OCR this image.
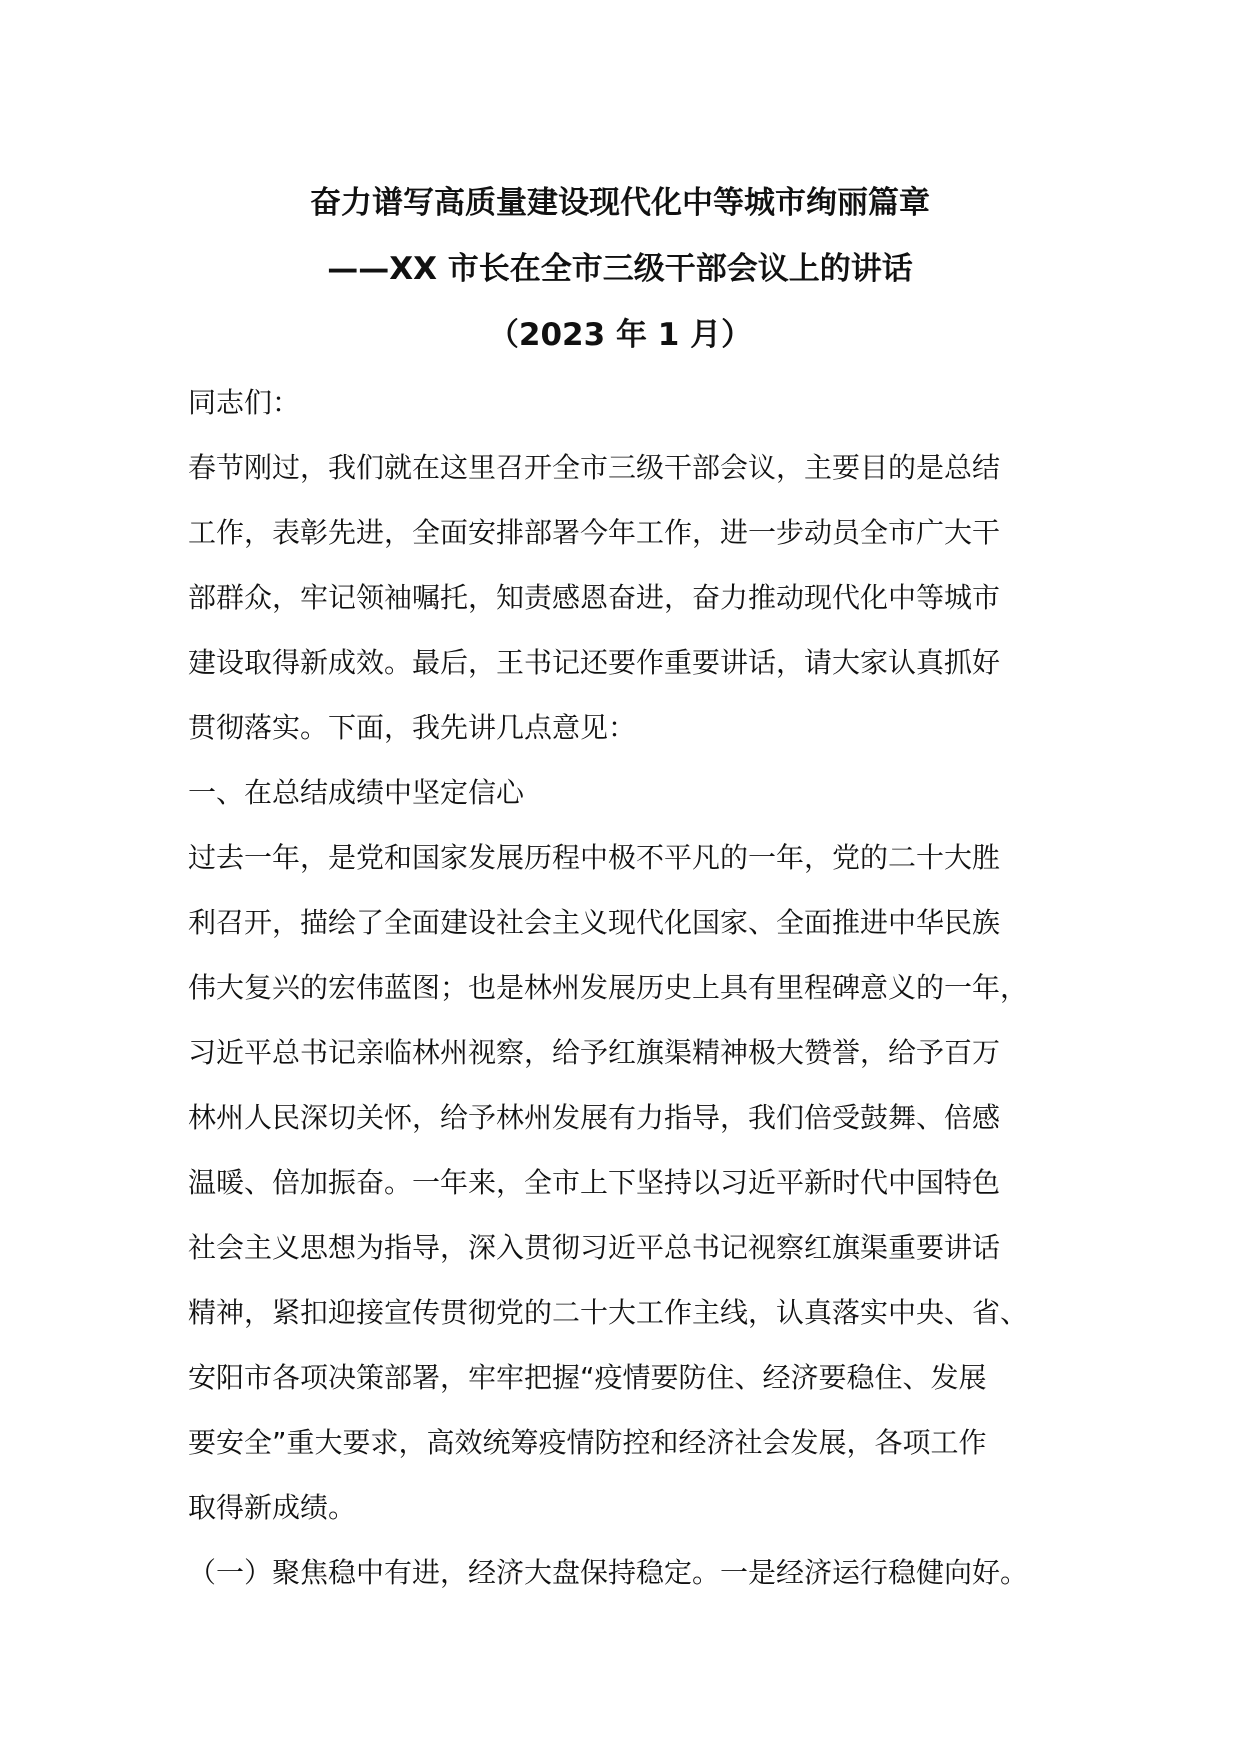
奋力谱写高质量建设现代化中等城市绚丽篇章
——XX 市长在全市三级干部会议上的讲话
（2023 年 1 月）
同志们：
春节刚过，我们就在这里召开全市三级干部会议，主要目的是总结
工作，表彰先进，全面安排部署今年工作，进一步动员全市广大干
部群众，牢记领袖嘱托，知责感恩奋进，奋力推动现代化中等城市
建设取得新成效。最后，王书记还要作重要讲话，请大家认真抓好
贯彻落实。下面，我先讲几点意见：
一、在总结成绩中坚定信心
过去一年，是党和国家发展历程中极不平凡的一年，党的二十大胜
利召开，描绘了全面建设社会主义现代化国家、全面推进中华民族
伟大复兴的宏伟蓝图；也是林州发展历史上具有里程碑意义的一年，
习近平总书记亲临林州视察，给予红旗渠精神极大赞誉，给予百万
林州人民深切关怀，给予林州发展有力指导，我们倍受鼓舞、倍感
温暖、倍加振奋。一年来，全市上下坚持以习近平新时代中国特色
社会主义思想为指导，深入贯彻习近平总书记视察红旗渠重要讲话
精神，紧扣迎接宣传贯彻党的二十大工作主线，认真落实中央、省、
安阳市各项决策部署，牢牢把握“疫情要防住、经济要稳住、发展
要安全”重大要求，高效统筹疫情防控和经济社会发展，各项工作
取得新成绩。
（一）聚焦稳中有进，经济大盘保持稳定。一是经济运行稳健向好。
